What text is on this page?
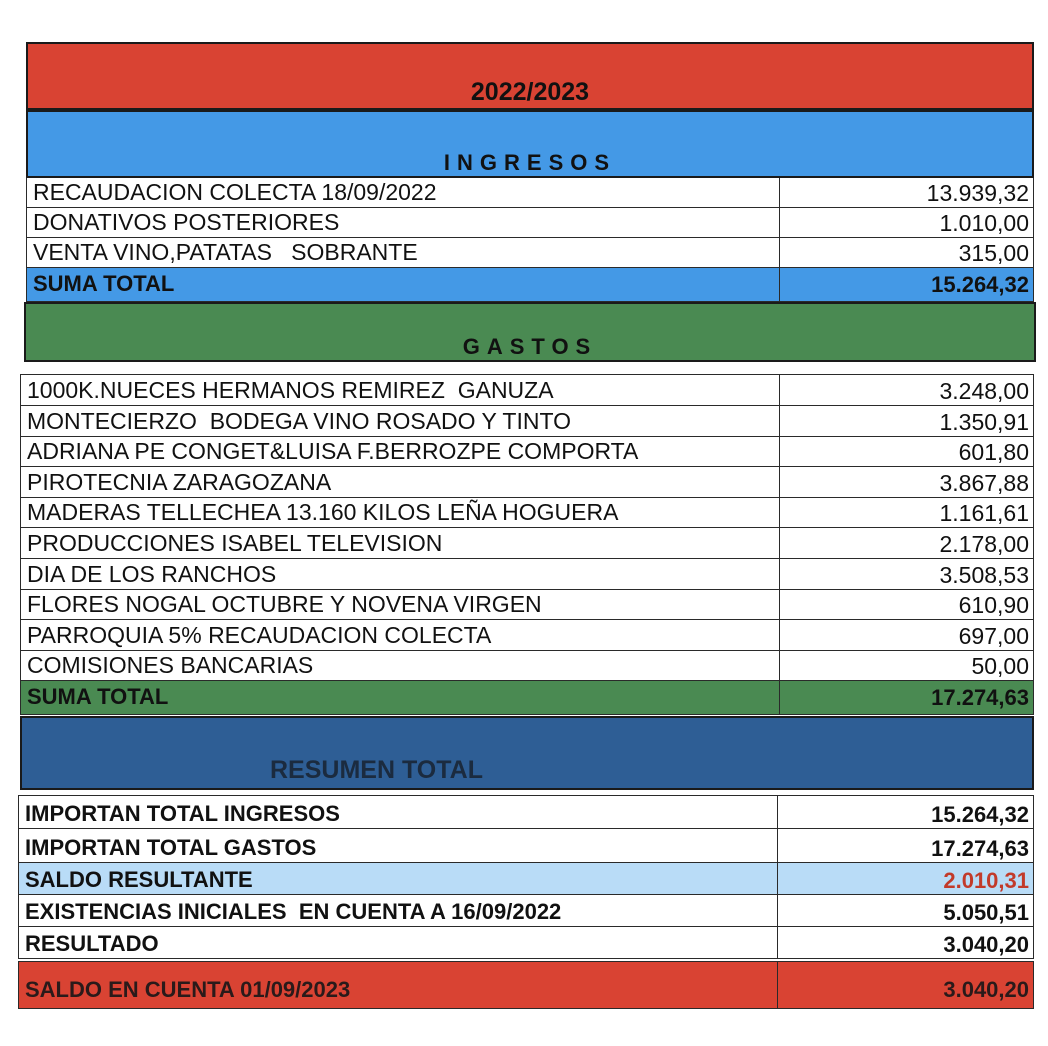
2022/2023
INGRESOS
RECAUDACION COLECTA 18/09/2022	13.939,32
DONATIVOS POSTERIORES	1.010,00
VENTA VINO,PATATAS   SOBRANTE	315,00
SUMA TOTAL	15.264,32
GASTOS
1000K.NUECES HERMANOS REMIREZ  GANUZA	3.248,00
MONTECIERZO  BODEGA VINO ROSADO Y TINTO	1.350,91
ADRIANA PE CONGET&LUISA F.BERROZPE COMPORTA	601,80
PIROTECNIA ZARAGOZANA	3.867,88
MADERAS TELLECHEA 13.160 KILOS LEÑA HOGUERA	1.161,61
PRODUCCIONES ISABEL TELEVISION	2.178,00
DIA DE LOS RANCHOS	3.508,53
FLORES NOGAL OCTUBRE Y NOVENA VIRGEN	610,90
PARROQUIA 5% RECAUDACION COLECTA	697,00
COMISIONES BANCARIAS	50,00
SUMA TOTAL	17.274,63
RESUMEN TOTAL
IMPORTAN TOTAL INGRESOS	15.264,32
IMPORTAN TOTAL GASTOS	17.274,63
SALDO RESULTANTE	2.010,31
EXISTENCIAS INICIALES  EN CUENTA A 16/09/2022	5.050,51
RESULTADO	3.040,20
SALDO EN CUENTA 01/09/2023	3.040,20
